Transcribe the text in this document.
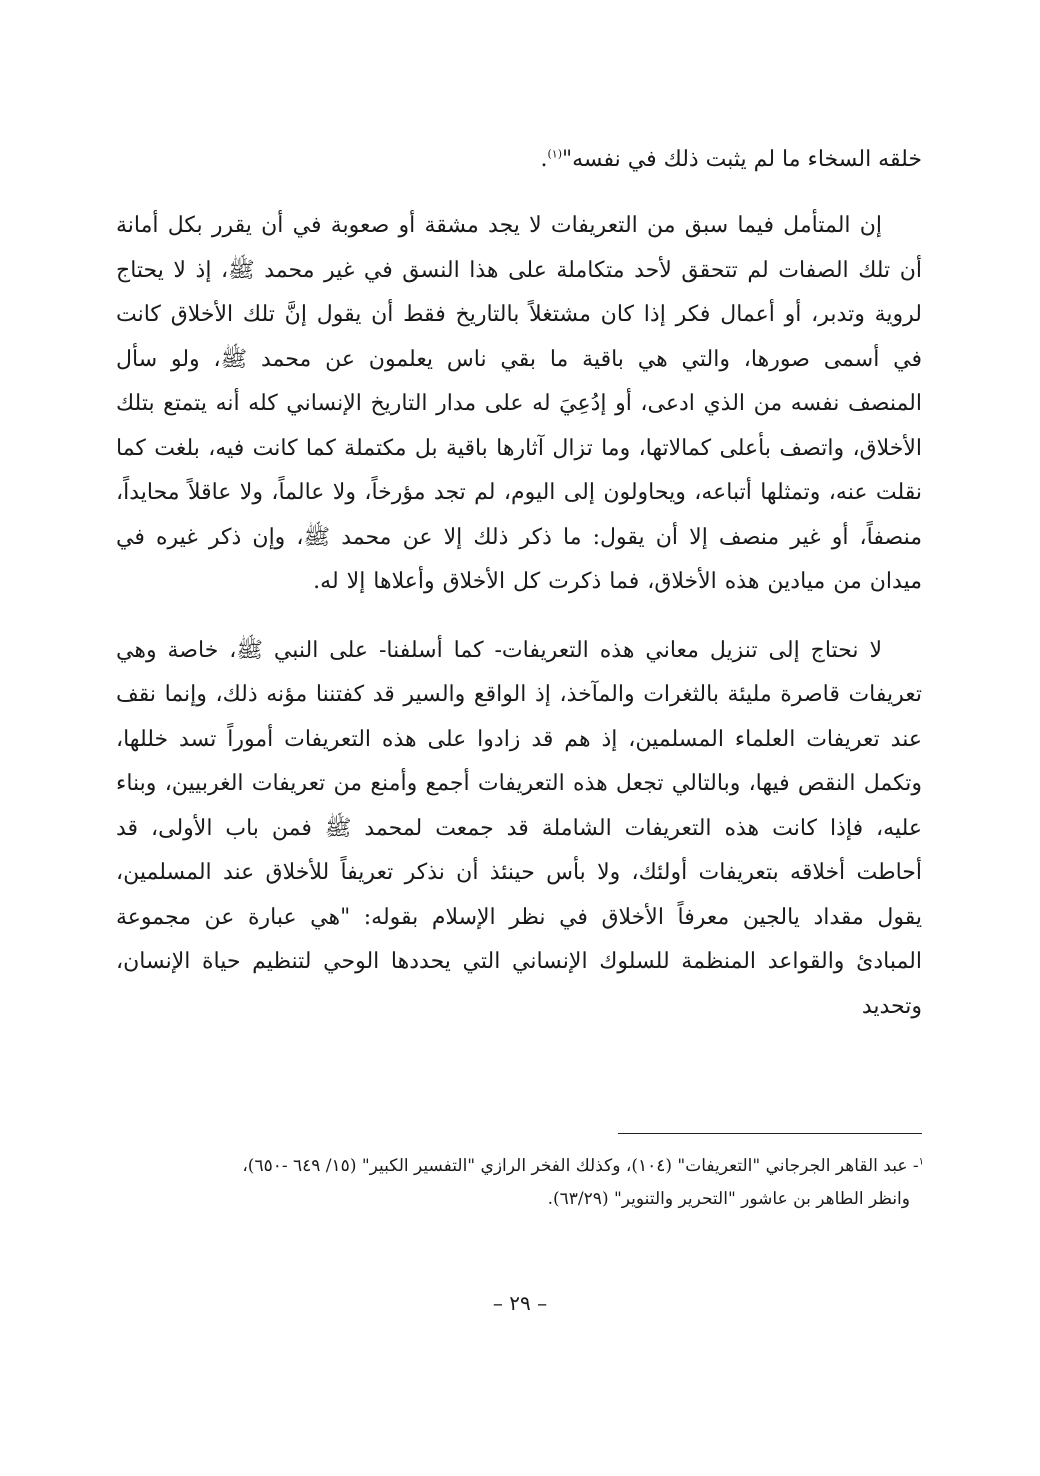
خلقه السخاء ما لم يثبت ذلك في نفسه"$^{(١)}$.

إن المتأمل فيما سبق من التعريفات لا يجد مشقة أو صعوبة في أن يقرر بكل أمانة أن تلك الصفات لم تتحقق لأحد متكاملة على هذا النسق في غير محمد ﷺ، إذ لا يحتاج لروية وتدبر، أو أعمال فكر إذا كان مشتغلاً بالتاريخ فقط أن يقول إنَّ تلك الأخلاق كانت في أسمى صورها، والتي هي باقية ما بقي ناس يعلمون عن محمد ﷺ، ولو سأل المنصف نفسه من الذي ادعى، أو إدُعِيَ له على مدار التاريخ الإنساني كله أنه يتمتع بتلك الأخلاق، واتصف بأعلى كمالاتها، وما تزال آثارها باقية بل مكتملة كما كانت فيه، بلغت كما نقلت عنه، وتمثلها أتباعه، ويحاولون إلى اليوم، لم تجد مؤرخاً، ولا عالماً، ولا عاقلاً محايداً، منصفاً، أو غير منصف إلا أن يقول: ما ذكر ذلك إلا عن محمد ﷺ، وإن ذكر غيره في ميدان من ميادين هذه الأخلاق، فما ذكرت كل الأخلاق وأعلاها إلا له.

لا نحتاج إلى تنزيل معاني هذه التعريفات- كما أسلفنا- على النبي ﷺ، خاصة وهي تعريفات قاصرة مليئة بالثغرات والمآخذ، إذ الواقع والسير قد كفتننا مؤنه ذلك، وإنما نقف عند تعريفات العلماء المسلمين، إذ هم قد زادوا على هذه التعريفات أموراً تسد خللها، وتكمل النقص فيها، وبالتالي تجعل هذه التعريفات أجمع وأمنع من تعريفات الغربيين، وبناء عليه، فإذا كانت هذه التعريفات الشاملة قد جمعت لمحمد ﷺ فمن باب الأولى، قد أحاطت أخلاقه بتعريفات أولئك، ولا بأس حينئذ أن نذكر تعريفاً للأخلاق عند المسلمين، يقول مقداد يالجين معرفاً الأخلاق في نظر الإسلام بقوله: "هي عبارة عن مجموعة المبادئ والقواعد المنظمة للسلوك الإنساني التي يحددها الوحي لتنظيم حياة الإنسان، وتحديد

$^١$- عبد القاهر الجرجاني "التعريفات" (١٠٤)، وكذلك الفخر الرازي "التفسير الكبير" (١٥/ ٦٤٩ -٦٥٠)،
وانظر الطاهر بن عاشور "التحرير والتنوير" (٦٣/٢٩).
– ٢٩ –
